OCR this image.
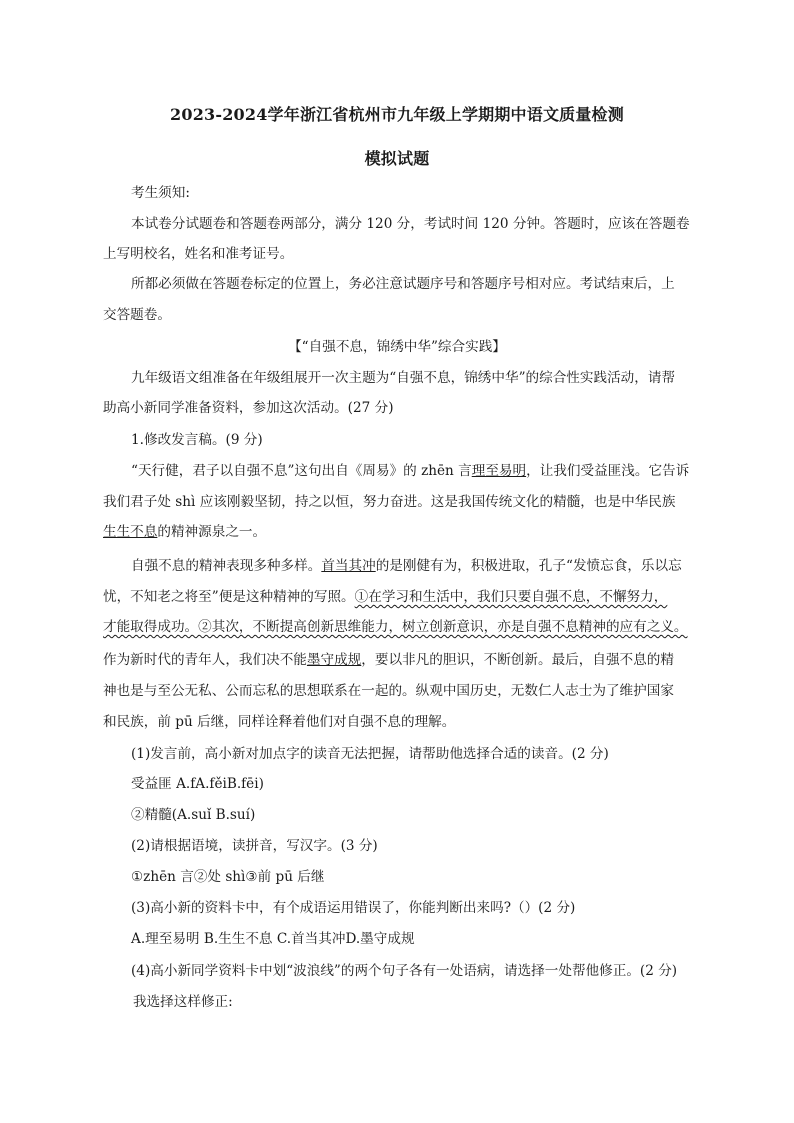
2023-2024学年浙江省杭州市九年级上学期期中语文质量检测
模拟试题
考生须知:
本试卷分试题卷和答题卷两部分，满分 120 分，考试时间 120 分钟。答题时，应该在答题卷
上写明校名，姓名和准考证号。
所都必须做在答题卷标定的位置上，务必注意试题序号和答题序号相对应。考试结束后，上
交答题卷。
【“自强不息，锦绣中华”综合实践】
九年级语文组准备在年级组展开一次主题为“自强不息，锦绣中华”的综合性实践活动，请帮
助高小新同学准备资料，参加这次活动。(27 分)
1.修改发言稿。(9 分)
“天行健，君子以自强不息”这句出自《周易》的 zhēn 言理至易明，让我们受益匪浅。它告诉
我们君子处 shì 应该刚毅坚韧，持之以恒，努力奋进。这是我国传统文化的精髓，也是中华民族
生生不息的精神源泉之一。
自强不息的精神表现多种多样。首当其冲的是刚健有为，积极进取，孔子“发愤忘食，乐以忘
忧，不知老之将至”便是这种精神的写照。①在学习和生活中，我们只要自强不息，不懈努力，
才能取得成功。②其次，不断提高创新思维能力，树立创新意识，亦是自强不息精神的应有之义。
作为新时代的青年人，我们决不能墨守成规，要以非凡的胆识，不断创新。最后，自强不息的精
神也是与至公无私、公而忘私的思想联系在一起的。纵观中国历史，无数仁人志士为了维护国家
和民族，前 pū 后继，同样诠释着他们对自强不息的理解。
(1)发言前，高小新对加点字的读音无法把握，请帮助他选择合适的读音。(2 分)
受益匪 A.fA.fěiB.fēi)
②精髓(A.suǐ B.suí)
(2)请根据语境，读拼音，写汉字。(3 分)
①zhēn 言②处 shì③前 pū 后继
(3)高小新的资料卡中，有个成语运用错误了，你能判断出来吗?（）(2 分)
A.理至易明 B.生生不息 C.首当其冲D.墨守成规
(4)高小新同学资料卡中划“波浪线”的两个句子各有一处语病，请选择一处帮他修正。(2 分)
我选择这样修正:
